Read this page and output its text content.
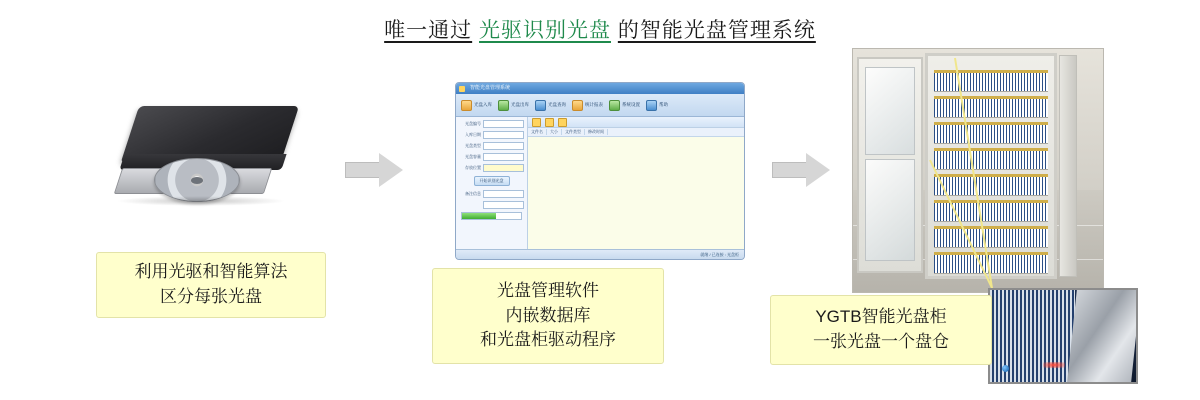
唯一通过 光驱识别光盘 的智能光盘管理系统
智能光盘管理系统
光盘入库	光盘出库	光盘查询	统计报表	系统设置	帮助
光盘编号
入库日期
光盘类型
光盘容量
存放位置
开始识别光盘
备注信息
文件名	大小	文件类型	修改时间
就绪 / 已连接 : 光盘柜
利用光驱和智能算法
区分每张光盘	光盘管理软件
内嵌数据库
和光盘柜驱动程序
YGTB智能光盘柜
一张光盘一个盘仓
